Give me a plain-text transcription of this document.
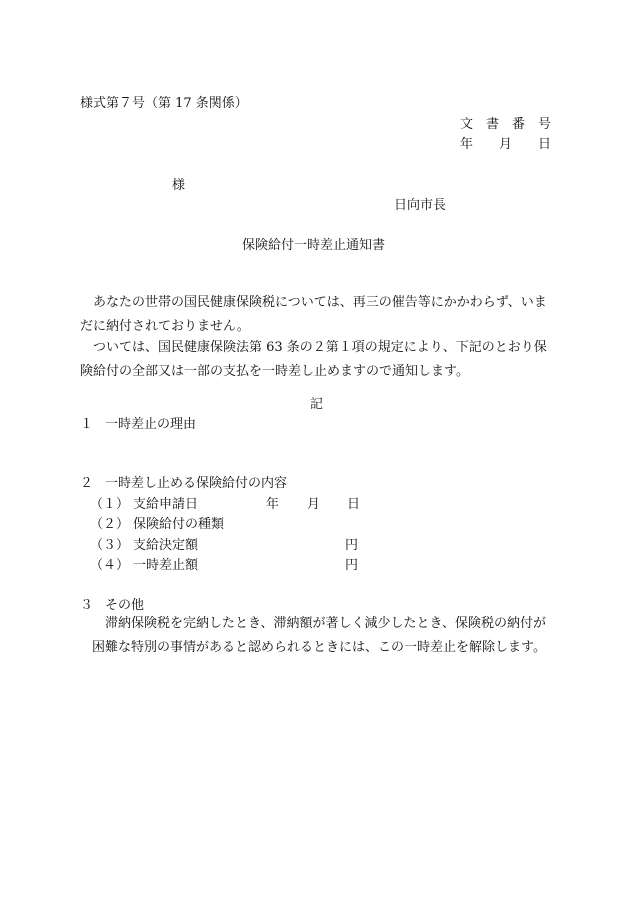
様式第７号（第 17 条関係）
文　書　番　号
年　　月　　日
様
日向市長
保険給付一時差止通知書
　あなたの世帯の国民健康保険税については、再三の催告等にかかわらず、いまだに納付されておりません。
　ついては、国民健康保険法第 63 条の２第１項の規定により、下記のとおり保険給付の全部又は一部の支払を一時差し止めますので通知します。
記
１ 一時差止の理由
２ 一時差し止める保険給付の内容
（１） 支給申請日	年 月 日
（２） 保険給付の種類
（３） 支給決定額	円
（４） 一時差止額	円
３ その他
　滞納保険税を完納したとき、滞納額が著しく減少したとき、保険税の納付が困難な特別の事情があると認められるときには、この一時差止を解除します。
